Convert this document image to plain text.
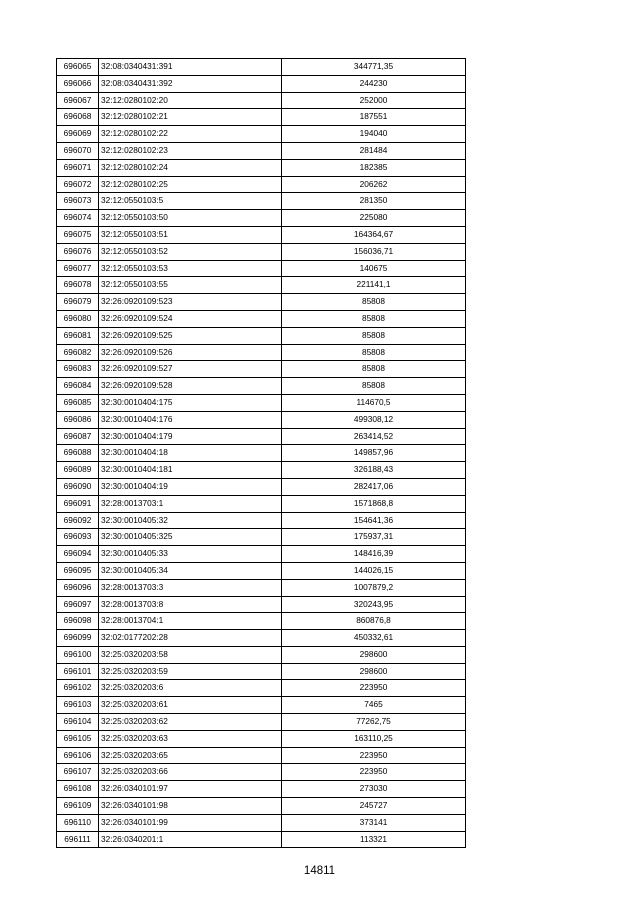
696065	32:08:0340431:391	344771,35
696066	32:08:0340431:392	244230
696067	32:12:0280102:20	252000
696068	32:12:0280102:21	187551
696069	32:12:0280102:22	194040
696070	32:12:0280102:23	281484
696071	32:12:0280102:24	182385
696072	32:12:0280102:25	206262
696073	32:12:0550103:5	281350
696074	32:12:0550103:50	225080
696075	32:12:0550103:51	164364,67
696076	32:12:0550103:52	156036,71
696077	32:12:0550103:53	140675
696078	32:12:0550103:55	221141,1
696079	32:26:0920109:523	85808
696080	32:26:0920109:524	85808
696081	32:26:0920109:525	85808
696082	32:26:0920109:526	85808
696083	32:26:0920109:527	85808
696084	32:26:0920109:528	85808
696085	32:30:0010404:175	114670,5
696086	32:30:0010404:176	499308,12
696087	32:30:0010404:179	263414,52
696088	32:30:0010404:18	149857,96
696089	32:30:0010404:181	326188,43
696090	32:30:0010404:19	282417,06
696091	32:28:0013703:1	1571868,8
696092	32:30:0010405:32	154641,36
696093	32:30:0010405:325	175937,31
696094	32:30:0010405:33	148416,39
696095	32:30:0010405:34	144026,15
696096	32:28:0013703:3	1007879,2
696097	32:28:0013703:8	320243,95
696098	32:28:0013704:1	860876,8
696099	32:02:0177202:28	450332,61
696100	32:25:0320203:58	298600
696101	32:25:0320203:59	298600
696102	32:25:0320203:6	223950
696103	32:25:0320203:61	7465
696104	32:25:0320203:62	77262,75
696105	32:25:0320203:63	163110,25
696106	32:25:0320203:65	223950
696107	32:25:0320203:66	223950
696108	32:26:0340101:97	273030
696109	32:26:0340101:98	245727
696110	32:26:0340101:99	373141
696111	32:26:0340201:1	113321
14811
